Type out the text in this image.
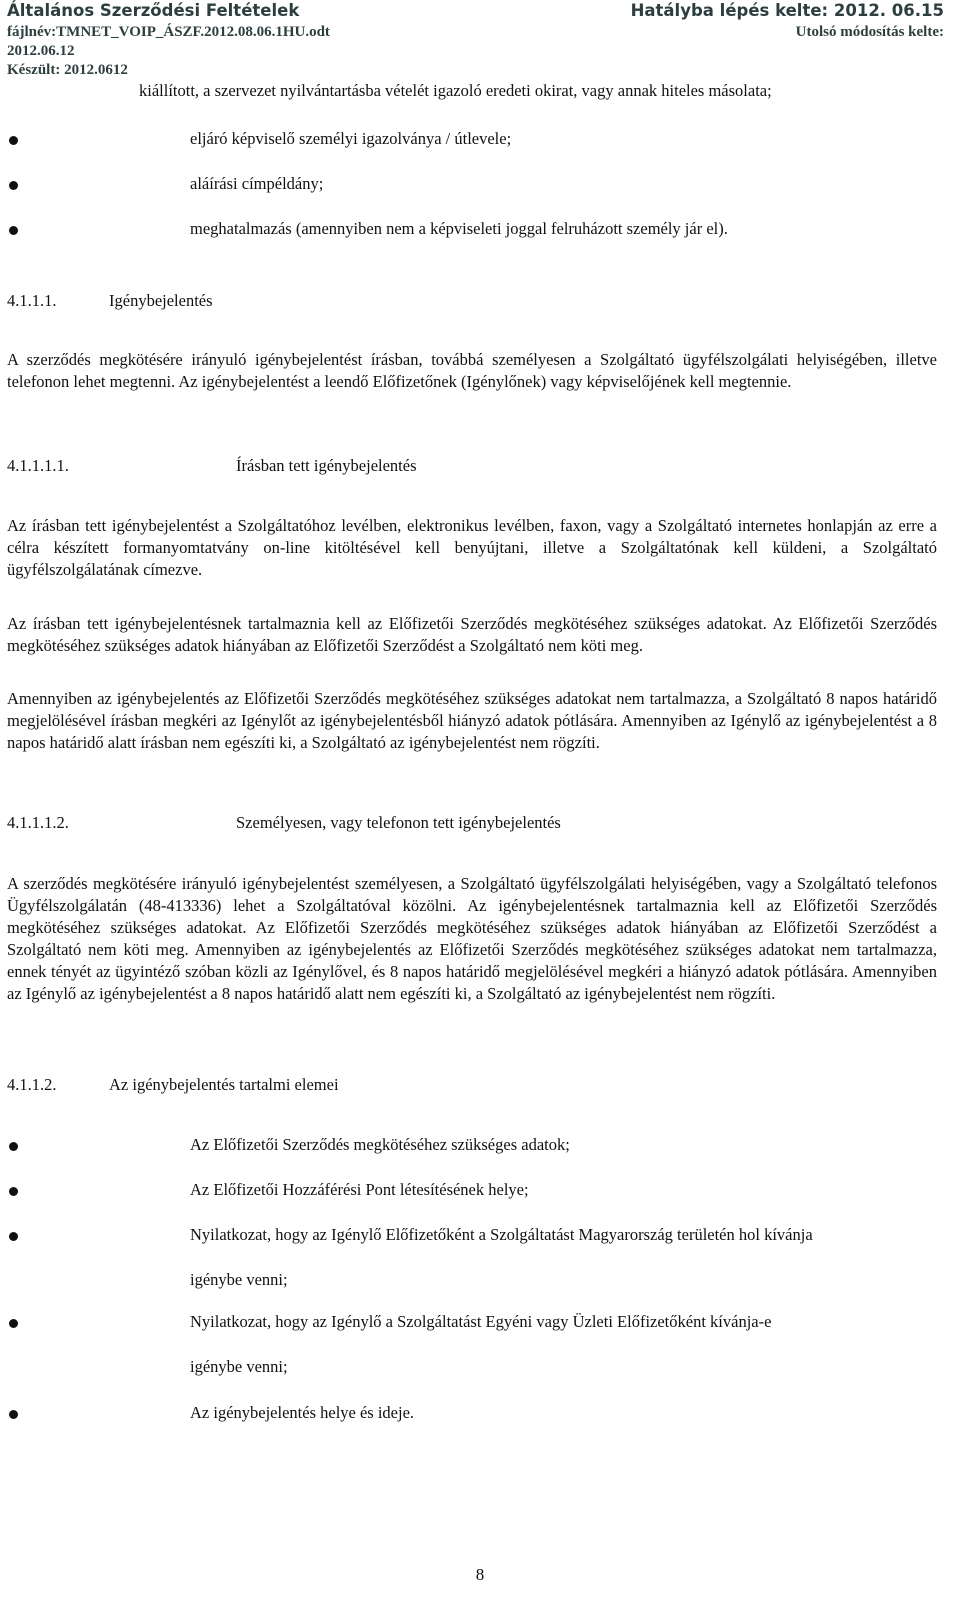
Általános Szerződési Feltételek	Hatályba lépés kelte: 2012. 06.15
fájlnév:TMNET_VOIP_ÁSZF.2012.08.06.1HU.odt	Utolsó módosítás kelte:
2012.06.12
Készült: 2012.0612
kiállított, a szervezet nyilvántartásba vételét igazoló eredeti okirat, vagy annak hiteles másolata;
eljáró képviselő személyi igazolványa / útlevele;
aláírási címpéldány;
meghatalmazás (amennyiben nem a képviseleti joggal felruházott személy jár el).
4.1.1.1.	Igénybejelentés
A szerződés megkötésére irányuló igénybejelentést írásban, továbbá személyesen a Szolgáltató ügyfélszolgálati helyiségében, illetve telefonon lehet megtenni. Az igénybejelentést a leendő Előfizetőnek (Igénylőnek) vagy képviselőjének kell megtennie.
4.1.1.1.1.	Írásban tett igénybejelentés
Az írásban tett igénybejelentést a Szolgáltatóhoz levélben, elektronikus levélben, faxon, vagy a Szolgáltató internetes honlapján az erre a célra készített formanyomtatvány on-line kitöltésével kell benyújtani, illetve a Szolgáltatónak kell küldeni, a Szolgáltató ügyfélszolgálatának címezve.
Az írásban tett igénybejelentésnek tartalmaznia kell az Előfizetői Szerződés megkötéséhez szükséges adatokat. Az Előfizetői Szerződés megkötéséhez szükséges adatok hiányában az Előfizetői Szerződést a Szolgáltató nem köti meg.
Amennyiben az igénybejelentés az Előfizetői Szerződés megkötéséhez szükséges adatokat nem tartalmazza, a Szolgáltató 8 napos határidő megjelölésével írásban megkéri az Igénylőt az igénybejelentésből hiányzó adatok pótlására. Amennyiben az Igénylő az igénybejelentést a 8 napos határidő alatt írásban nem egészíti ki, a Szolgáltató az igénybejelentést nem rögzíti.
4.1.1.1.2.	Személyesen, vagy telefonon tett igénybejelentés
A szerződés megkötésére irányuló igénybejelentést személyesen, a Szolgáltató ügyfélszolgálati helyiségében, vagy a Szolgáltató telefonos Ügyfélszolgálatán (48-413336) lehet a Szolgáltatóval közölni. Az igénybejelentésnek tartalmaznia kell az Előfizetői Szerződés megkötéséhez szükséges adatokat. Az Előfizetői Szerződés megkötéséhez szükséges adatok hiányában az Előfizetői Szerződést a Szolgáltató nem köti meg. Amennyiben az igénybejelentés az Előfizetői Szerződés megkötéséhez szükséges adatokat nem tartalmazza, ennek tényét az ügyintéző szóban közli az Igénylővel, és 8 napos határidő megjelölésével megkéri a hiányzó adatok pótlására. Amennyiben az Igénylő az igénybejelentést a 8 napos határidő alatt nem egészíti ki, a Szolgáltató az igénybejelentést nem rögzíti.
4.1.1.2.	Az igénybejelentés tartalmi elemei
Az Előfizetői Szerződés megkötéséhez szükséges adatok;
Az Előfizetői Hozzáférési Pont létesítésének helye;
Nyilatkozat, hogy az Igénylő Előfizetőként a Szolgáltatást Magyarország területén hol kívánja
igénybe venni;
Nyilatkozat, hogy az Igénylő a Szolgáltatást Egyéni vagy Üzleti Előfizetőként kívánja-e
igénybe venni;
Az igénybejelentés helye és ideje.
8
